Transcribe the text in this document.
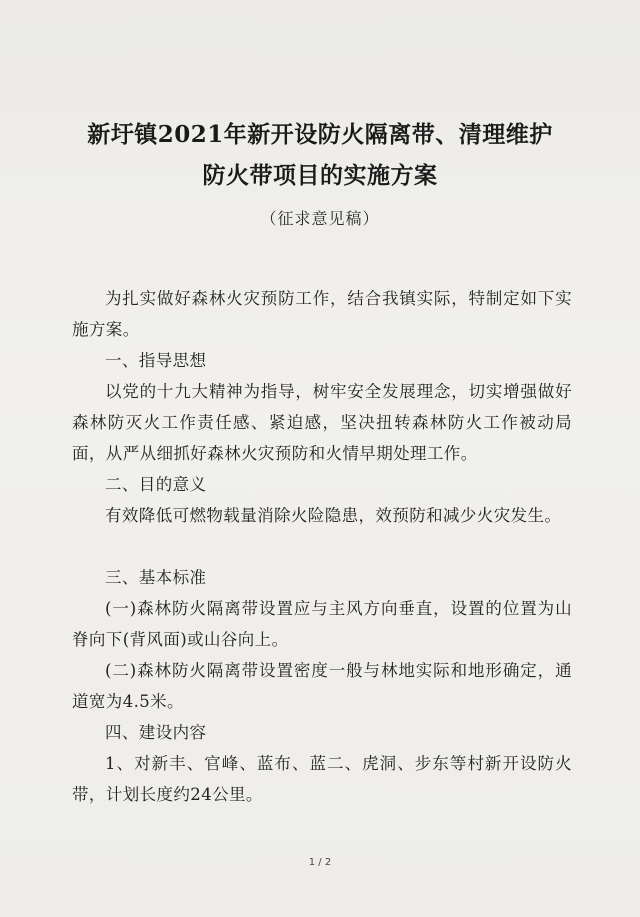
新圩镇2021年新开设防火隔离带、清理维护
防火带项目的实施方案

（征求意见稿）

为扎实做好森林火灾预防工作，结合我镇实际，特制定如下实施方案。

一、指导思想

以党的十九大精神为指导，树牢安全发展理念，切实增强做好森林防灭火工作责任感、紧迫感，坚决扭转森林防火工作被动局面，从严从细抓好森林火灾预防和火情早期处理工作。

二、目的意义

有效降低可燃物载量消除火险隐患，效预防和减少火灾发生。

三、基本标准

(一)森林防火隔离带设置应与主风方向垂直，设置的位置为山脊向下(背风面)或山谷向上。

(二)森林防火隔离带设置密度一般与林地实际和地形确定，通道宽为4.5米。

四、建设内容

1、对新丰、官峰、蓝布、蓝二、虎洞、步东等村新开设防火带，计划长度约24公里。

1 / 2
